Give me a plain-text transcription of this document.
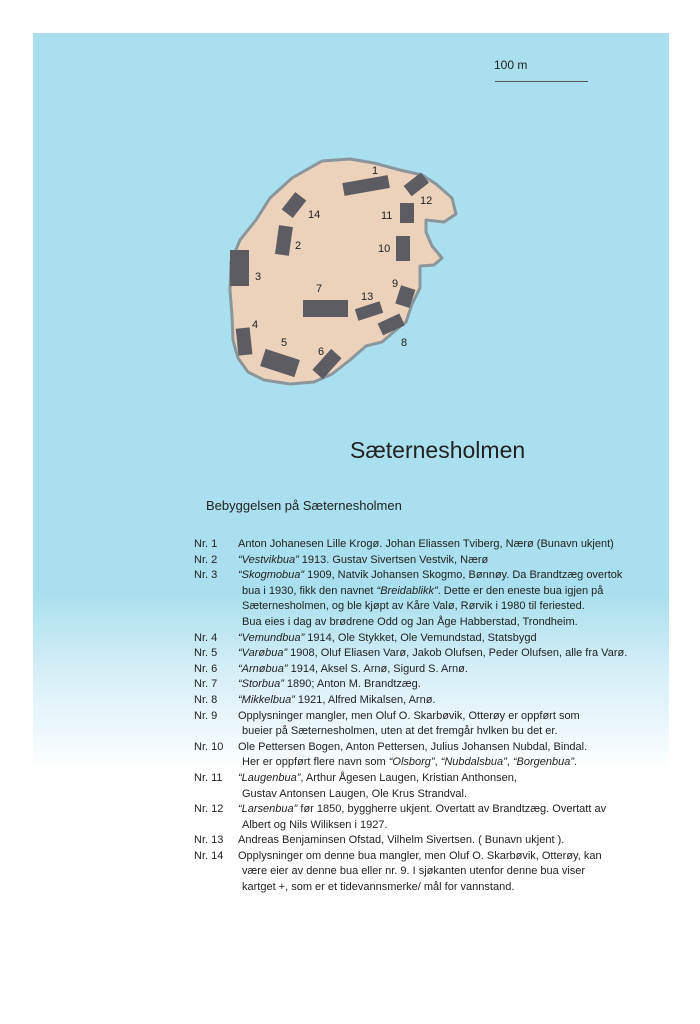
1
2
3
4
5
6
7
8
9
10
11
12
13
14
100 m
Sæternesholmen
Bebyggelsen på Sæternesholmen
Nr. 1	Anton Johanesen Lille Krogø. Johan Eliassen Tviberg, Nærø (Bunavn ukjent)
Nr. 2	“Vestvikbua” 1913. Gustav Sivertsen Vestvik, Nærø
Nr. 3	“Skogmobua” 1909, Natvik Johansen Skogmo, Bønnøy. Da Brandtzæg overtok
bua i 1930, fikk den navnet “Breidablikk”. Dette er den eneste bua igjen på
Sæternesholmen, og ble kjøpt av Kåre Valø, Rørvik i 1980 til feriested.
Bua eies i dag av brødrene Odd og Jan Åge Habberstad, Trondheim.
Nr. 4	“Vemundbua” 1914, Ole Stykket, Ole Vemundstad, Statsbygd
Nr. 5	“Varøbua” 1908, Oluf Eliasen Varø, Jakob Olufsen, Peder Olufsen, alle fra Varø.
Nr. 6	“Arnøbua” 1914, Aksel S. Arnø, Sigurd S. Arnø.
Nr. 7	“Storbua” 1890; Anton M. Brandtzæg.
Nr. 8	“Mikkelbua” 1921, Alfred Mikalsen, Arnø.
Nr. 9	Opplysninger mangler, men Oluf O. Skarbøvik, Otterøy er oppført som
bueier på Sæternesholmen, uten at det fremgår hvlken bu det er.
Nr. 10	Ole Pettersen Bogen, Anton Pettersen, Julius Johansen Nubdal, Bindal.
Her er oppført flere navn som “Olsborg”, “Nubdalsbua”, “Borgenbua”.
Nr. 11	“Laugenbua”, Arthur Ågesen Laugen, Kristian Anthonsen,
Gustav Antonsen Laugen, Ole Krus Strandval.
Nr. 12	“Larsenbua” før 1850, byggherre ukjent. Overtatt av Brandtzæg. Overtatt av
Albert og Nils Wiliksen i 1927.
Nr. 13	Andreas Benjaminsen Ofstad, Vilhelm Sivertsen. ( Bunavn ukjent ).
Nr. 14	Opplysninger om denne bua mangler, men Oluf O. Skarbøvik, Otterøy, kan
være eier av denne bua eller nr. 9. I sjøkanten utenfor denne bua viser
kartget +, som er et tidevannsmerke/ mål for vannstand.
